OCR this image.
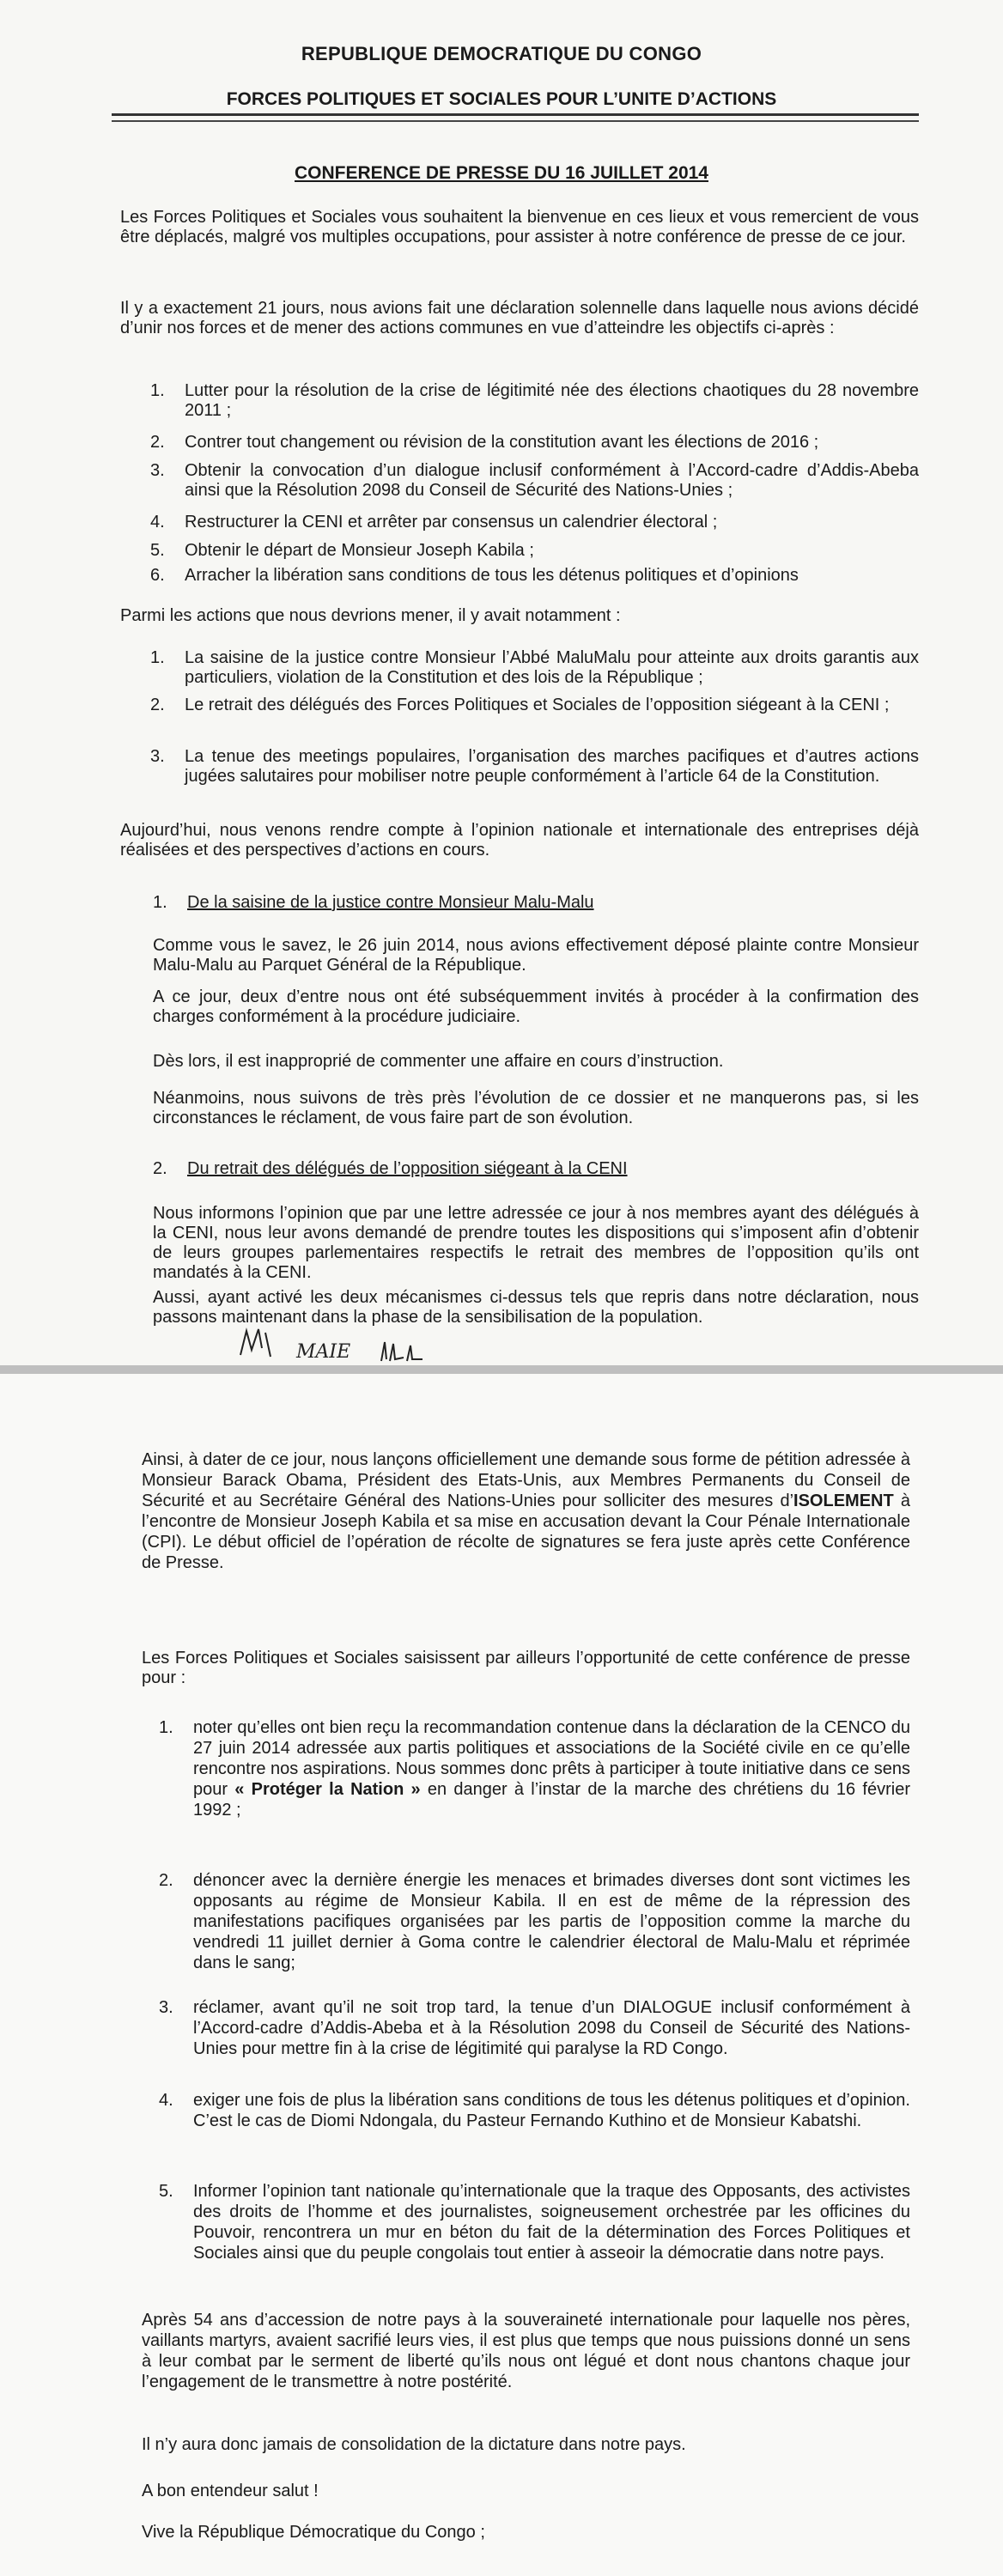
REPUBLIQUE DEMOCRATIQUE DU CONGO
FORCES POLITIQUES ET SOCIALES POUR L’UNITE D’ACTIONS
CONFERENCE DE PRESSE DU 16 JUILLET 2014
Les Forces Politiques et Sociales vous souhaitent la bienvenue en ces lieux et vous remercient de vous être déplacés, malgré vos multiples occupations, pour assister à notre conférence de presse de ce jour.
Il y a exactement 21 jours, nous avions fait une déclaration solennelle dans laquelle nous avions décidé d’unir nos forces et de mener des actions communes en vue d’atteindre les objectifs ci-après :
1. Lutter pour la résolution de la crise de légitimité née des élections chaotiques du 28 novembre 2011 ;
2. Contrer tout changement ou révision de la constitution avant les élections de 2016 ;
3. Obtenir la convocation d’un dialogue inclusif conformément à l’Accord-cadre d’Addis-Abeba ainsi que la Résolution 2098 du Conseil de Sécurité des Nations-Unies ;
4. Restructurer la CENI et arrêter par consensus un calendrier électoral ;
5. Obtenir le départ de Monsieur Joseph Kabila ;
6. Arracher la libération sans conditions de tous les détenus politiques et d’opinions
Parmi les actions que nous devrions mener, il y avait notamment :
1. La saisine de la justice contre Monsieur l’Abbé MaluMalu pour atteinte aux droits garantis aux particuliers, violation de la Constitution et des lois de la République ;
2. Le retrait des délégués des Forces Politiques et Sociales de l’opposition siégeant à la CENI ;
3. La tenue des meetings populaires, l’organisation des marches pacifiques et d’autres actions jugées salutaires pour mobiliser notre peuple conformément à l’article 64 de la Constitution.
Aujourd’hui, nous venons rendre compte à l’opinion nationale et internationale des entreprises déjà réalisées et des perspectives d’actions en cours.
1. De la saisine de la justice contre Monsieur Malu-Malu
Comme vous le savez, le 26 juin 2014, nous avions effectivement déposé plainte contre Monsieur Malu-Malu au Parquet Général de la République.
A ce jour, deux d’entre nous ont été subséquemment invités à procéder à la confirmation des charges conformément à la procédure judiciaire.
Dès lors, il est inapproprié de commenter une affaire en cours d’instruction.
Néanmoins, nous suivons de très près l’évolution de ce dossier et ne manquerons pas, si les circonstances le réclament, de vous faire part de son évolution.
2. Du retrait des délégués de l’opposition siégeant à la CENI
Nous informons l’opinion que par une lettre adressée ce jour à nos membres ayant des délégués à la CENI, nous leur avons demandé de prendre toutes les dispositions qui s’imposent afin d’obtenir de leurs groupes parlementaires respectifs le retrait des membres de l’opposition qu’ils ont mandatés à la CENI.
Aussi, ayant activé les deux mécanismes ci-dessus tels que repris dans notre déclaration, nous passons maintenant dans la phase de la sensibilisation de la population.
MAIE
Ainsi, à dater de ce jour, nous lançons officiellement une demande sous forme de pétition adressée à Monsieur Barack Obama, Président des Etats-Unis, aux Membres Permanents du Conseil de Sécurité et au Secrétaire Général des Nations-Unies pour solliciter des mesures d’ISOLEMENT à l’encontre de Monsieur Joseph Kabila et sa mise en accusation devant la Cour Pénale Internationale (CPI). Le début officiel de l’opération de récolte de signatures se fera juste après cette Conférence de Presse.
Les Forces Politiques et Sociales saisissent par ailleurs l’opportunité de cette conférence de presse pour :
1. noter qu’elles ont bien reçu la recommandation contenue dans la déclaration de la CENCO du 27 juin 2014 adressée aux partis politiques et associations de la Société civile en ce qu’elle rencontre nos aspirations. Nous sommes donc prêts à participer à toute initiative dans ce sens pour « Protéger la Nation » en danger à l’instar de la marche des chrétiens du 16 février 1992 ;
2. dénoncer avec la dernière énergie les menaces et brimades diverses dont sont victimes les opposants au régime de Monsieur Kabila. Il en est de même de la répression des manifestations pacifiques organisées par les partis de l’opposition comme la marche du vendredi 11 juillet dernier à Goma contre le calendrier électoral de Malu-Malu et réprimée dans le sang;
3. réclamer, avant qu’il ne soit trop tard, la tenue d’un DIALOGUE inclusif conformément à l’Accord-cadre d’Addis-Abeba et à la Résolution 2098 du Conseil de Sécurité des Nations-Unies pour mettre fin à la crise de légitimité qui paralyse la RD Congo.
4. exiger une fois de plus la libération sans conditions de tous les détenus politiques et d’opinion. C’est le cas de Diomi Ndongala, du Pasteur Fernando Kuthino et de Monsieur Kabatshi.
5. Informer l’opinion tant nationale qu’internationale que la traque des Opposants, des activistes des droits de l’homme et des journalistes, soigneusement orchestrée par les officines du Pouvoir, rencontrera un mur en béton du fait de la détermination des Forces Politiques et Sociales ainsi que du peuple congolais tout entier à asseoir la démocratie dans notre pays.
Après 54 ans d’accession de notre pays à la souveraineté internationale pour laquelle nos pères, vaillants martyrs, avaient sacrifié leurs vies, il est plus que temps que nous puissions donné un sens à leur combat par le serment de liberté qu’ils nous ont légué et dont nous chantons chaque jour l’engagement de le transmettre à notre postérité.
Il n’y aura donc jamais de consolidation de la dictature dans notre pays.
A bon entendeur salut !
Vive la République Démocratique du Congo ;
